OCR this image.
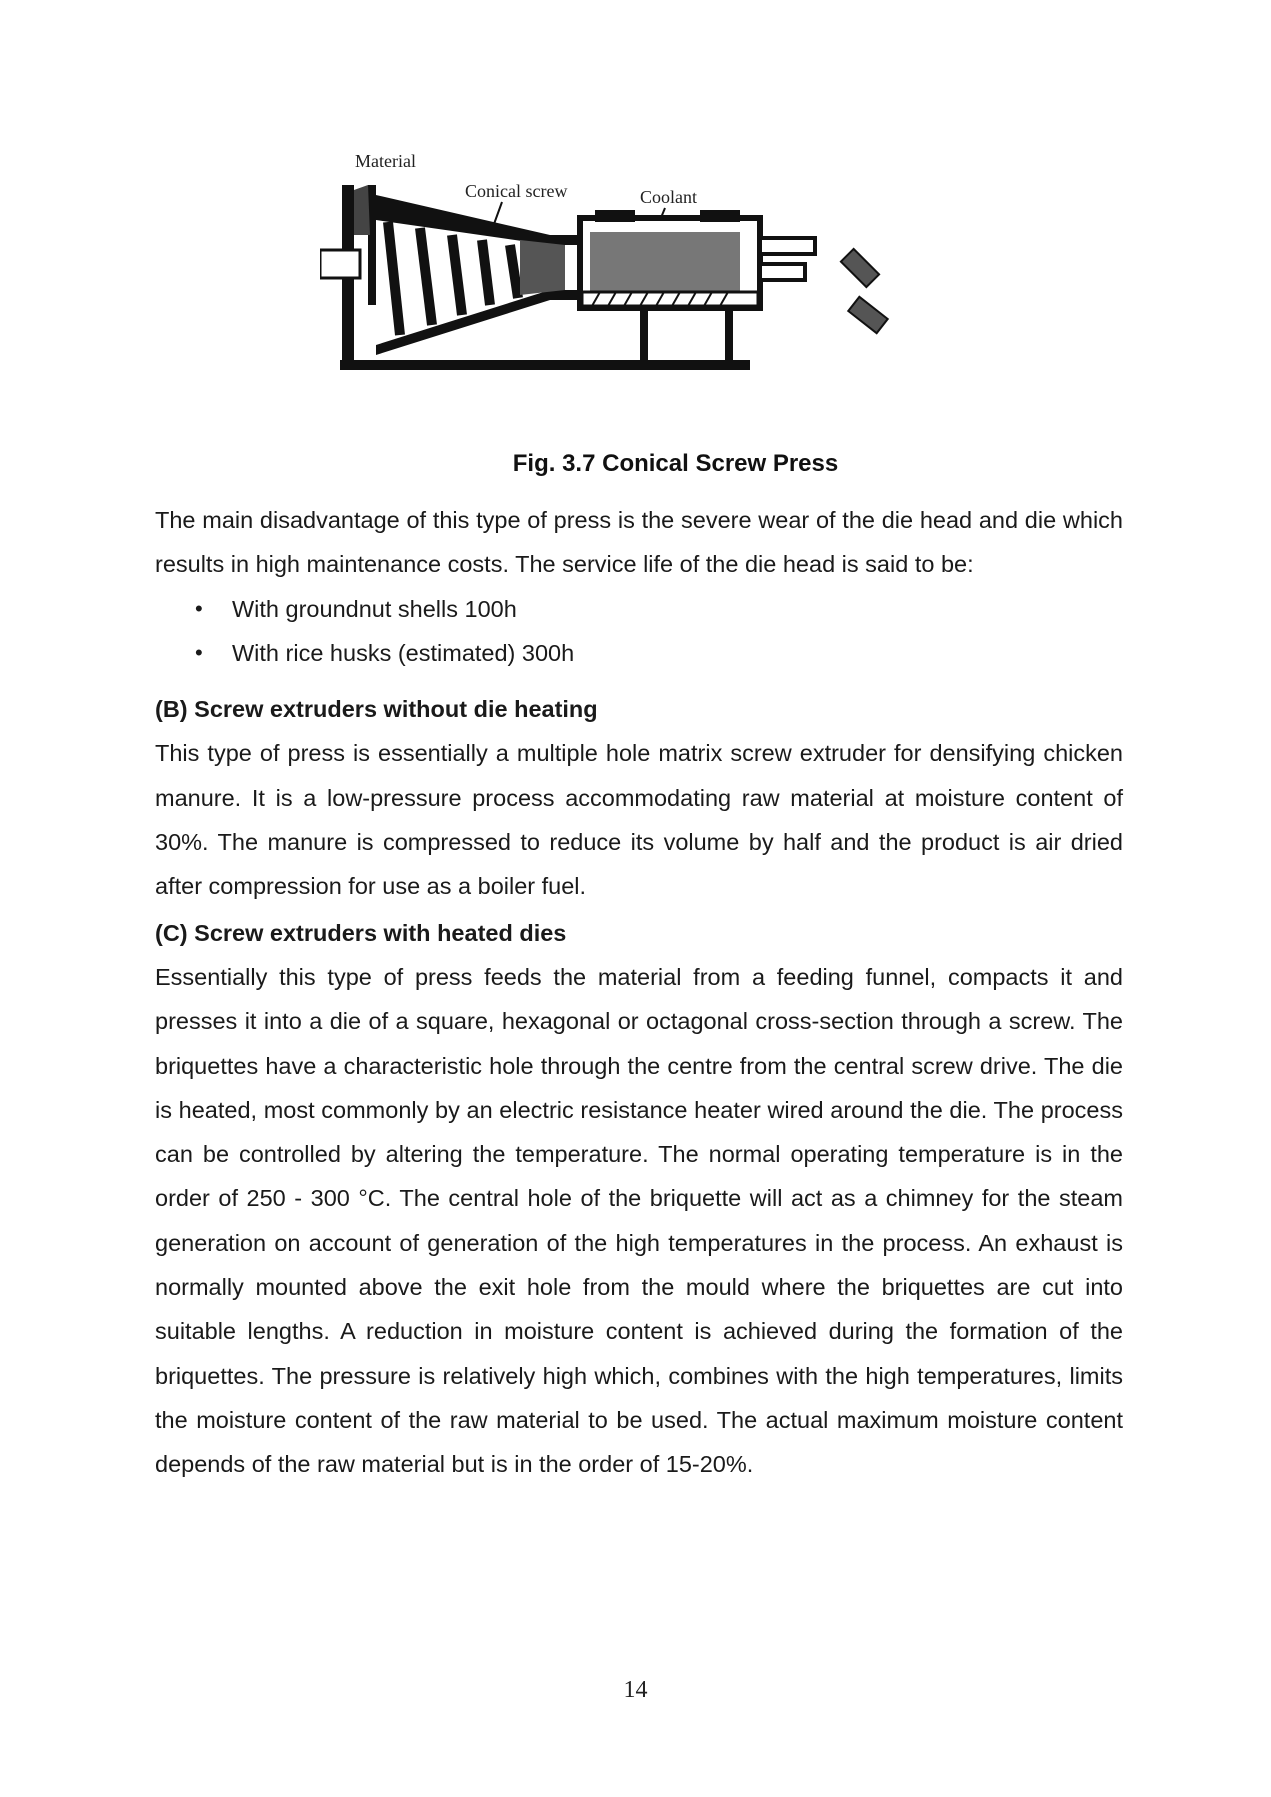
Material
Conical screw	Coolant
Fig. 3.7 Conical Screw Press

The main disadvantage of this type of press is the severe wear of the die head and die which results in high maintenance costs. The service life of the die head is said to be:

• With groundnut shells 100h
• With rice husks (estimated) 300h
(B) Screw extruders without die heating

This type of press is essentially a multiple hole matrix screw extruder for densifying chicken manure. It is a low-pressure process accommodating raw material at moisture content of 30%. The manure is compressed to reduce its volume by half and the product is air dried after compression for use as a boiler fuel.

(C) Screw extruders with heated dies

Essentially this type of press feeds the material from a feeding funnel, compacts it and presses it into a die of a square, hexagonal or octagonal cross-section through a screw. The briquettes have a characteristic hole through the centre from the central screw drive. The die is heated, most commonly by an electric resistance heater wired around the die. The process can be controlled by altering the temperature. The normal operating temperature is in the order of 250 - 300 °C. The central hole of the briquette will act as a chimney for the steam generation on account of generation of the high temperatures in the process. An exhaust is normally mounted above the exit hole from the mould where the briquettes are cut into suitable lengths. A reduction in moisture content is achieved during the formation of the briquettes. The pressure is relatively high which, combines with the high temperatures, limits the moisture content of the raw material to be used. The actual maximum moisture content depends of the raw material but is in the order of 15-20%.

14
